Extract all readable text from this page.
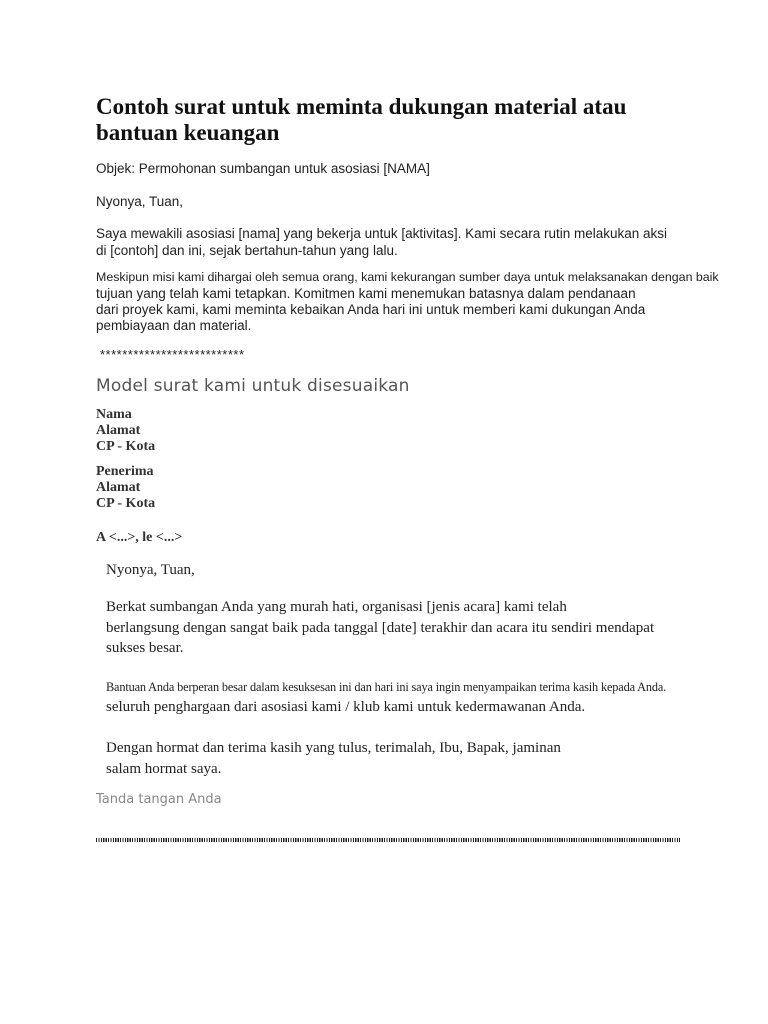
Contoh surat untuk meminta dukungan material atau
bantuan keuangan

Objek: Permohonan sumbangan untuk asosiasi [NAMA]

Nyonya, Tuan,

Saya mewakili asosiasi [nama] yang bekerja untuk [aktivitas]. Kami secara rutin melakukan aksi
di [contoh] dan ini, sejak bertahun-tahun yang lalu.
Meskipun misi kami dihargai oleh semua orang, kami kekurangan sumber daya untuk melaksanakan dengan baik
tujuan yang telah kami tetapkan. Komitmen kami menemukan batasnya dalam pendanaan
dari proyek kami, kami meminta kebaikan Anda hari ini untuk memberi kami dukungan Anda
pembiayaan dan material.

**************************

Model surat kami untuk disesuaikan

Nama
Alamat
CP - Kota
Penerima
Alamat
CP - Kota

A <...>, le <...>

Nyonya, Tuan,

Berkat sumbangan Anda yang murah hati, organisasi [jenis acara] kami telah
berlangsung dengan sangat baik pada tanggal [date] terakhir dan acara itu sendiri mendapat
sukses besar.
Bantuan Anda berperan besar dalam kesuksesan ini dan hari ini saya ingin menyampaikan terima kasih kepada Anda.
seluruh penghargaan dari asosiasi kami / klub kami untuk kedermawanan Anda.
Dengan hormat dan terima kasih yang tulus, terimalah, Ibu, Bapak, jaminan
salam hormat saya.

Tanda tangan Anda
